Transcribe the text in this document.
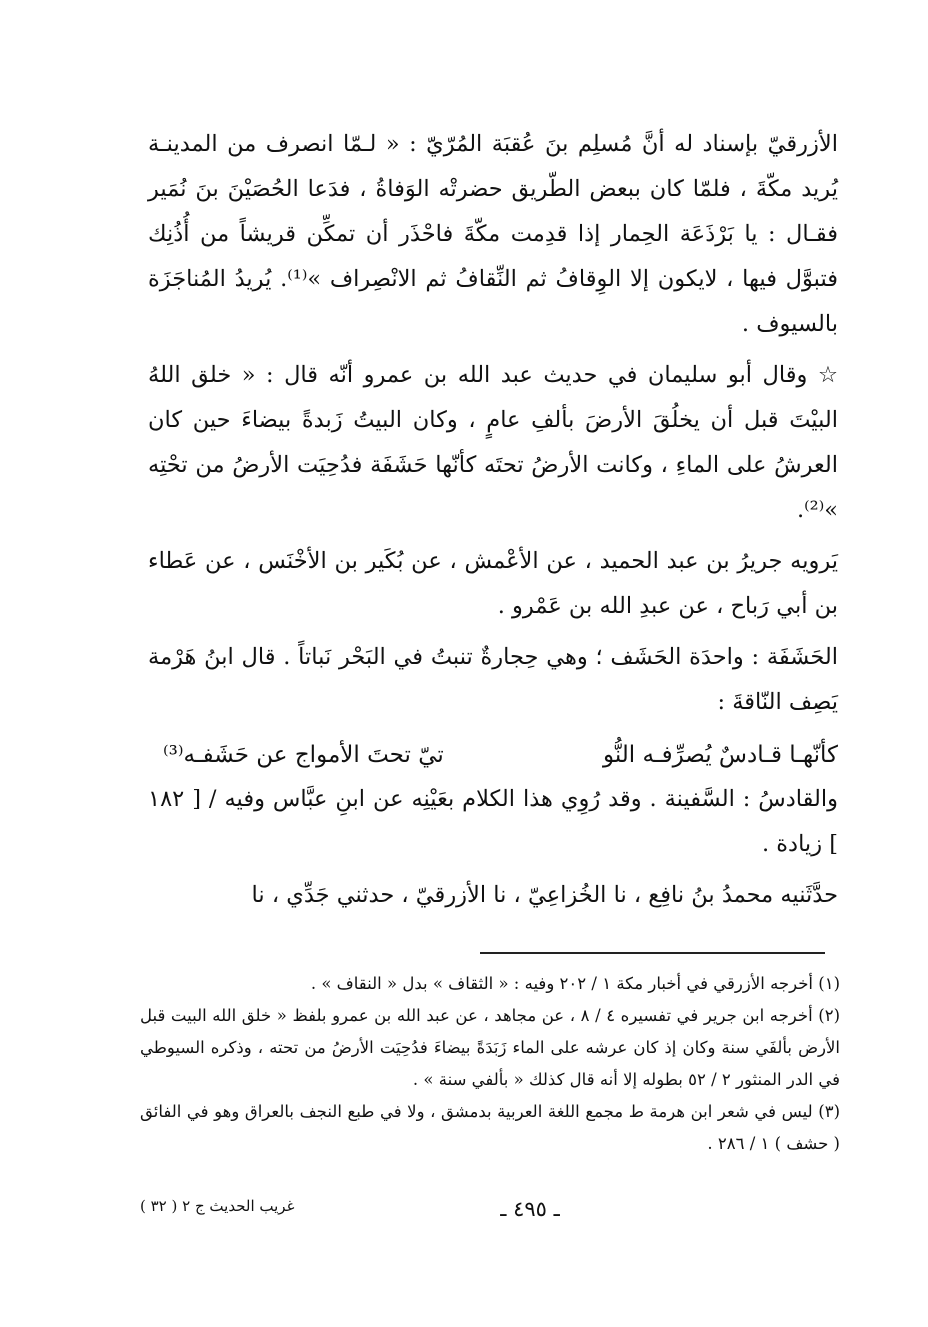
الأزرقيّ بإسناد له أنَّ مُسلِم بنَ عُقبَة المُرّيّ : « لـمّا انصرف من المدينـة يُريد مكّةَ ، فلمّا كان ببعض الطّريق حضرتْه الوَفاةُ ، فدَعا الحُصَيْنَ بنَ نُمَير فقـال : يا بَرْذَعَة الحِمار إذا قدِمت مكّةَ فاحْذَر أن تمكِّن قريشاً من أُذُنِك فتبوَّل فيها ، لايكون إلا الوِقافُ ثم النِّقافُ ثم الانْصِراف »⁽¹⁾. يُريدُ المُناجَزَة بالسيوف .

☆ وقال أبو سليمان في حديث عبد الله بن عمرو أنّه قال : « خلق اللهُ البيْتَ قبل أن يخلُقَ الأرضَ بألفِ عامٍ ، وكان البيتُ زَبدةً بيضاءَ حين كان العرشُ على الماءِ ، وكانت الأرضُ تحتَه كأنّها حَشَفَة فدُحِيَت الأرضُ من تحْتِه »⁽²⁾.

يَرويه جريرُ بن عبد الحميد ، عن الأعْمش ، عن بُكَير بن الأخْنَس ، عن عَطاء بن أبي رَباح ، عن عبدِ الله بن عَمْرو .

الحَشَفَة : واحدَة الحَشَف ؛ وهي حِجارةٌ تنبتُ في البَحْر نَباتاً . قال ابنُ هَرْمة يَصِف النّاقةَ :

كأنّهـا قـادسٌ يُصرِّفـه النُّو
تيّ تحتَ الأمواج عن حَشَفـه⁽³⁾

والقادسُ : السَّفينة . وقد رُوِي هذا الكلام بعَيْنِه عن ابنِ عبَّاس وفيه / [ ١٨٢ ] زيادة .

حدَّثَنيه محمدُ بنُ نافِع ، نا الخُزاعِيّ ، نا الأزرقيّ ، حدثني جَدِّي ، نا

(١) أخرجه الأزرقي في أخبار مكة ١ / ٢٠٢ وفيه : « الثقاف » بدل « النقاف » .

(٢) أخرجه ابن جرير في تفسيره ٤ / ٨ ، عن مجاهد ، عن عبد الله بن عمرو بلفظ « خلق الله البيت قبل الأرض بألفَي سنة وكان إذ كان عرشه على الماء زَبَدَةً بيضاءَ فدُحِيَت الأرضُ من تحته ، وذكره السيوطي في الدر المنثور ٢ / ٥٢ بطوله إلا أنه قال كذلك « بألفي سنة » .

(٣) ليس في شعر ابن هرمة ط مجمع اللغة العربية بدمشق ، ولا في طبع النجف بالعراق وهو في الفائق ( حشف ) ١ / ٢٨٦ .

ـ ٤٩٥ ـ
غريب الحديث ج ٢ ( ٣٢ )
